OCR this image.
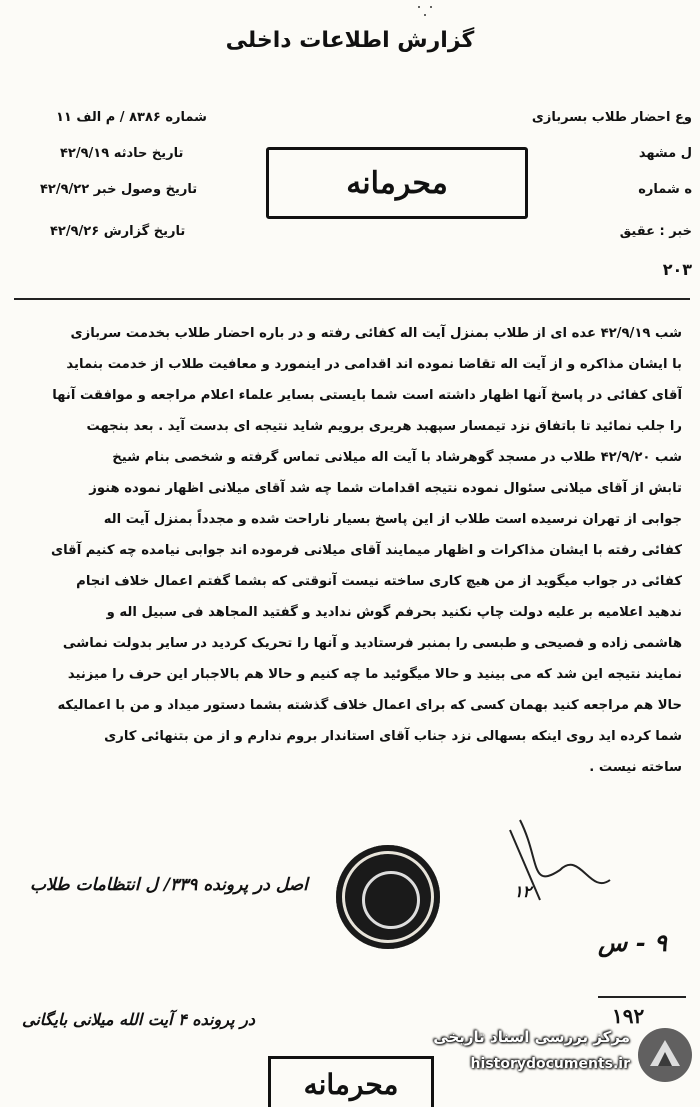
گزارش اطلاعات داخلی
شماره ۸۳۸۶ / م الف ۱۱
تاریخ حادثه ۴۲/۹/۱۹
تاریخ وصول خبر ۴۲/۹/۲۲
تاریخ گزارش ۴۲/۹/۲۶
وع احضار طلاب بسربازی
ل مشهد
ه شماره
خبر : عقیق
۲۰۳
محرمانه
شب ۴۲/۹/۱۹ عده ای از طلاب بمنزل آیت اله کفائی رفته و در باره احضار طلاب بخدمت سربازی
با ایشان مذاکره و از آیت اله تقاضا نموده اند اقدامی در اینمورد و معافیت طلاب از خدمت بنماید
آقای کفائی در پاسخ آنها اظهار داشته است شما بایستی بسایر علماء اعلام مراجعه و موافقت آنها
را جلب نمائید تا باتفاق نزد تیمسار سپهبد هریری برویم شاید نتیجه ای بدست آید . بعد بنجهت
شب ۴۲/۹/۲۰ طلاب در مسجد گوهرشاد با آیت اله میلانی تماس گرفته و شخصی بنام شیخ
تابش از آقای میلانی سئوال نموده نتیجه اقدامات شما چه شد آقای میلانی اظهار نموده هنوز
جوابی از تهران نرسیده است طلاب از این پاسخ بسیار ناراحت شده و مجدداً بمنزل آیت اله
کفائی رفته با ایشان مذاکرات و اظهار میمایند آقای میلانی فرموده اند جوابی نیامده چه کنیم آقای
کفائی در جواب میگوید از من هیچ کاری ساخته نیست آنوقتی که بشما گفتم اعمال خلاف انجام
ندهید اعلامیه بر علیه دولت چاپ نکنید بحرفم گوش ندادید و گفتید المجاهد فی سبیل اله و
هاشمی زاده و فصیحی و طبسی را بمنبر فرستادید و آنها را تحریک کردید در سایر بدولت نماشی
نمایند نتیجه این شد که می بینید و حالا میگوئید ما چه کنیم و حالا هم بالاجبار این حرف را میزنید
حالا هم مراجعه کنید بهمان کسی که برای اعمال خلاف گذشته بشما دستور میداد و من با اعمالیکه
شما کرده اید روی اینکه بسهالی نزد جناب آقای استاندار بروم ندارم و از من بتنهائی کاری
ساخته نیست .
۱۲
۹ - س
۱۹۲
اصل در پرونده ۳۳۹/ ل انتظامات طلاب
در پرونده ۴ آیت الله میلانی بایگانی
محرمانه
مرکز بررسی اسناد تاریخی
historydocuments.ir
